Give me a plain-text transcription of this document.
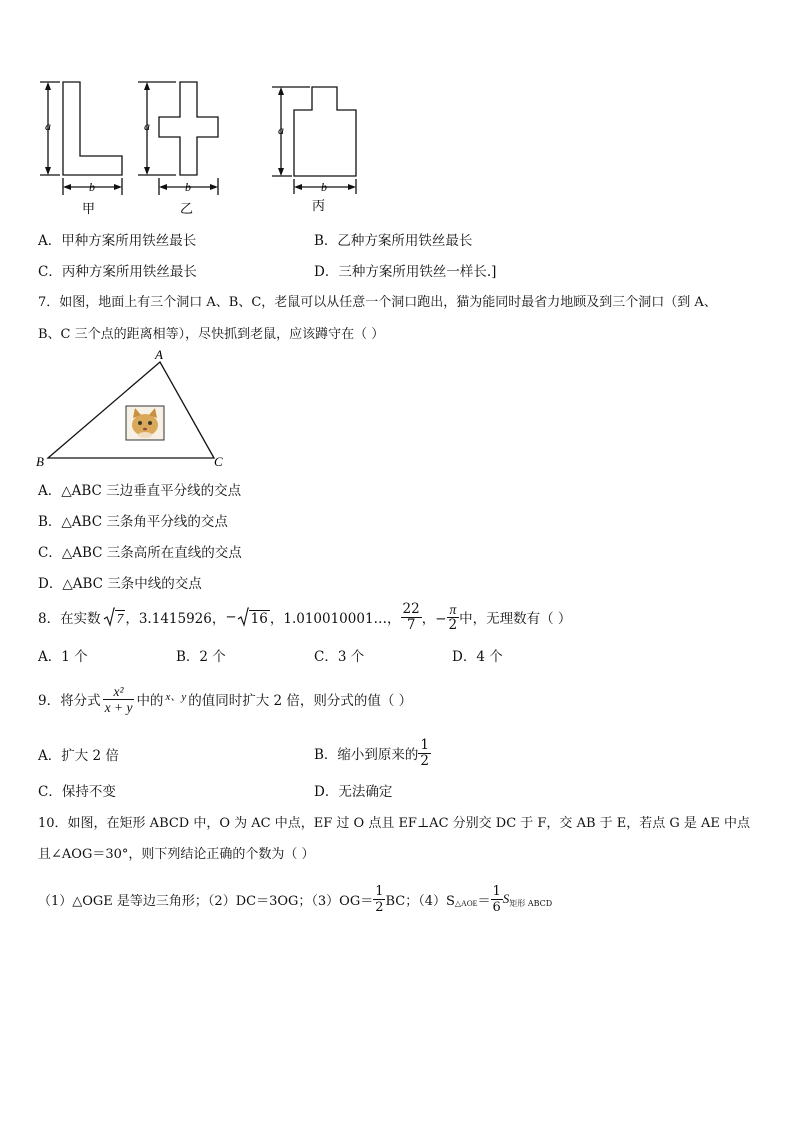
a
b
a
b
a
b
甲	乙	丙
A．甲种方案所用铁丝最长	B．乙种方案所用铁丝最长
C．丙种方案所用铁丝最长	D．三种方案所用铁丝一样长.]
7．如图，地面上有三个洞口 A、B、C，老鼠可以从任意一个洞口跑出，猫为能同时最省力地顾及到三个洞口（到 A、
B、C 三个点的距离相等），尽快抓到老鼠，应该蹲守在（ ）
A
B	C
A．△ABC 三边垂直平分线的交点
B．△ABC 三条角平分线的交点
C．△ABC 三条高所在直线的交点
D．△ABC 三条中线的交点
8．在实数 7 ，3.1415926， − 16 ，1.010010001…， $\frac{22}{7}$ ，− $\frac{\pi}{2}$ 中，无理数有（ ）
A．1 个	B．2 个	C．3 个	D．4 个
9．将分式 $\frac{\text{x²}}{x + y}$ 中的 x、y 的值同时扩大 2 倍，则分式的值（ ）
A．扩大 2 倍	B．缩小到原来的 $\frac{1}{2}$
C．保持不变	D．无法确定
10．如图，在矩形 ABCD 中，O 为 AC 中点，EF 过 O 点且 EF⊥AC 分别交 DC 于 F，交 AB 于 E，若点 G 是 AE 中点
且∠AOG＝30°，则下列结论正确的个数为（ ）
（1）△OGE 是等边三角形；（2）DC＝3OG；$(3)OG= \frac{1}{2}$ BC；（4）S △AOE ＝ $\frac{1}{6}$ S 矩形 ABCD
